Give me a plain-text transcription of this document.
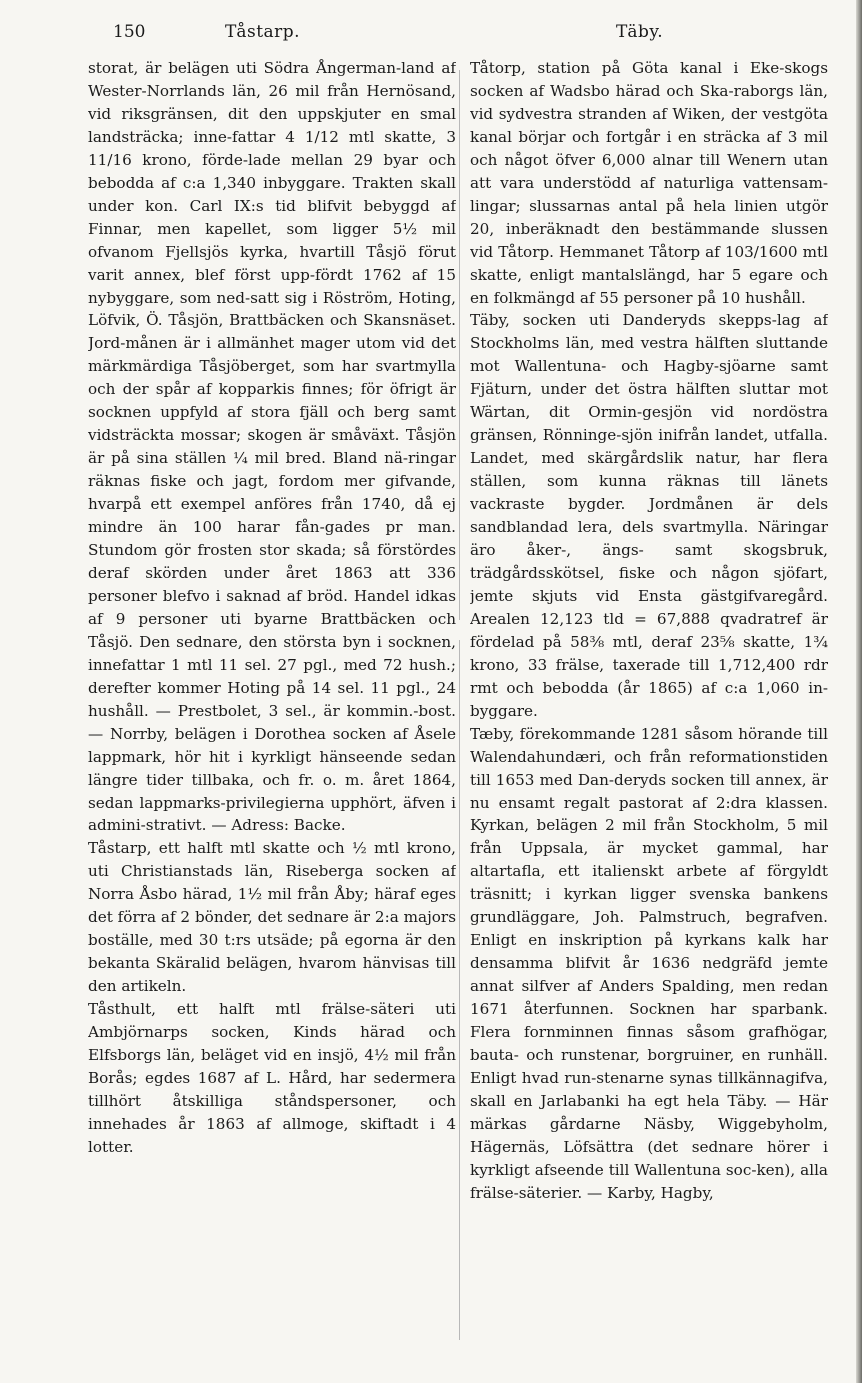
150	Tåstarp.	Täby.

storat, är belägen uti Södra Ångerman-land af Wester-Norrlands län, 26 mil från Hernösand, vid riksgränsen, dit den uppskjuter en smal landsträcka; inne-fattar 4 1/12 mtl skatte, 3 11/16 krono, förde-lade mellan 29 byar och bebodda af c:a 1,340 inbyggare. Trakten skall under kon. Carl IX:s tid blifvit bebyggd af Finnar, men kapellet, som ligger 5½ mil ofvanom Fjellsjös kyrka, hvartill Tåsjö förut varit annex, blef först upp-fördt 1762 af 15 nybyggare, som ned-satt sig i Röström, Hoting, Löfvik, Ö. Tåsjön, Brattbäcken och Skansnäset. Jord-månen är i allmänhet mager utom vid det märkmärdiga Tåsjöberget, som har svartmylla och der spår af kopparkis finnes; för öfrigt är socknen uppfyld af stora fjäll och berg samt vidsträckta mossar; skogen är småväxt. Tåsjön är på sina ställen ¼ mil bred. Bland nä-ringar räknas fiske och jagt, fordom mer gifvande, hvarpå ett exempel anföres från 1740, då ej mindre än 100 harar fån-gades pr man. Stundom gör frosten stor skada; så förstördes deraf skörden under året 1863 att 336 personer blefvo i saknad af bröd. Handel idkas af 9 personer uti byarne Brattbäcken och Tåsjö. Den sednare, den största byn i socknen, innefattar 1 mtl 11 sel. 27 pgl., med 72 hush.; derefter kommer Hoting på 14 sel. 11 pgl., 24 hushåll. — Prestbolet, 3 sel., är kommin.-bost. — Norrby, belägen i Dorothea socken af Åsele lappmark, hör hit i kyrkligt hänseende sedan längre tider tillbaka, och fr. o. m. året 1864, sedan lappmarks-privilegierna upphört, äfven i admini-strativt. — Adress: Backe.

Tåstarp, ett halft mtl skatte och ½ mtl krono, uti Christianstads län, Riseberga socken af Norra Åsbo härad, 1½ mil från Åby; häraf eges det förra af 2 bönder, det sednare är 2:a majors boställe, med 30 t:rs utsäde; på egorna är den bekanta Skäralid belägen, hvarom hänvisas till den artikeln.

Tåsthult, ett halft mtl frälse-säteri uti Ambjörnarps socken, Kinds härad och Elfsborgs län, beläget vid en insjö, 4½ mil från Borås; egdes 1687 af L. Hård, har sedermera tillhört åtskilliga ståndspersoner, och innehades år 1863 af allmoge, skiftadt i 4 lotter.

Tåtorp, station på Göta kanal i Eke-skogs socken af Wadsbo härad och Ska-raborgs län, vid sydvestra stranden af Wiken, der vestgöta kanal börjar och fortgår i en sträcka af 3 mil och något öfver 6,000 alnar till Wenern utan att vara understödd af naturliga vattensam-lingar; slussarnas antal på hela linien utgör 20, inberäknadt den bestämmande slussen vid Tåtorp. Hemmanet Tåtorp af 103/1600 mtl skatte, enligt mantalslängd, har 5 egare och en folkmängd af 55 personer på 10 hushåll.

Täby, socken uti Danderyds skepps-lag af Stockholms län, med vestra hälften sluttande mot Wallentuna- och Hagby-sjöarne samt Fjäturn, under det östra hälften sluttar mot Wärtan, dit Ormin-gesjön vid nordöstra gränsen, Rönninge-sjön inifrån landet, utfalla. Landet, med skärgårdslik natur, har flera ställen, som kunna räknas till länets vackraste bygder. Jordmånen är dels sandblandad lera, dels svartmylla. Näringar äro åker-, ängs- samt skogsbruk, trädgårdsskötsel, fiske och någon sjöfart, jemte skjuts vid Ensta gästgifvaregård. Arealen 12,123 tld = 67,888 qvadratref är fördelad på 58⅜ mtl, deraf 23⅝ skatte, 1¾ krono, 33 frälse, taxerade till 1,712,400 rdr rmt och bebodda (år 1865) af c:a 1,060 in-byggare.

Tæby, förekommande 1281 såsom hörande till Walendahundæri, och från reformationstiden till 1653 med Dan-deryds socken till annex, är nu ensamt regalt pastorat af 2:dra klassen. Kyrkan, belägen 2 mil från Stockholm, 5 mil från Uppsala, är mycket gammal, har altartafla, ett italienskt arbete af förgyldt träsnitt; i kyrkan ligger svenska bankens grundläggare, Joh. Palmstruch, begrafven. Enligt en inskription på kyrkans kalk har densamma blifvit år 1636 nedgräfd jemte annat silfver af Anders Spalding, men redan 1671 återfunnen. Socknen har sparbank. Flera fornminnen finnas såsom grafhögar, bauta- och runstenar, borgruiner, en runhäll. Enligt hvad run-stenarne synas tillkännagifva, skall en Jarlabanki ha egt hela Täby. — Här märkas gårdarne Näsby, Wiggebyholm, Hägernäs, Löfsättra (det sednare hörer i kyrkligt afseende till Wallentuna soc-ken), alla frälse-säterier. — Karby, Hagby,
